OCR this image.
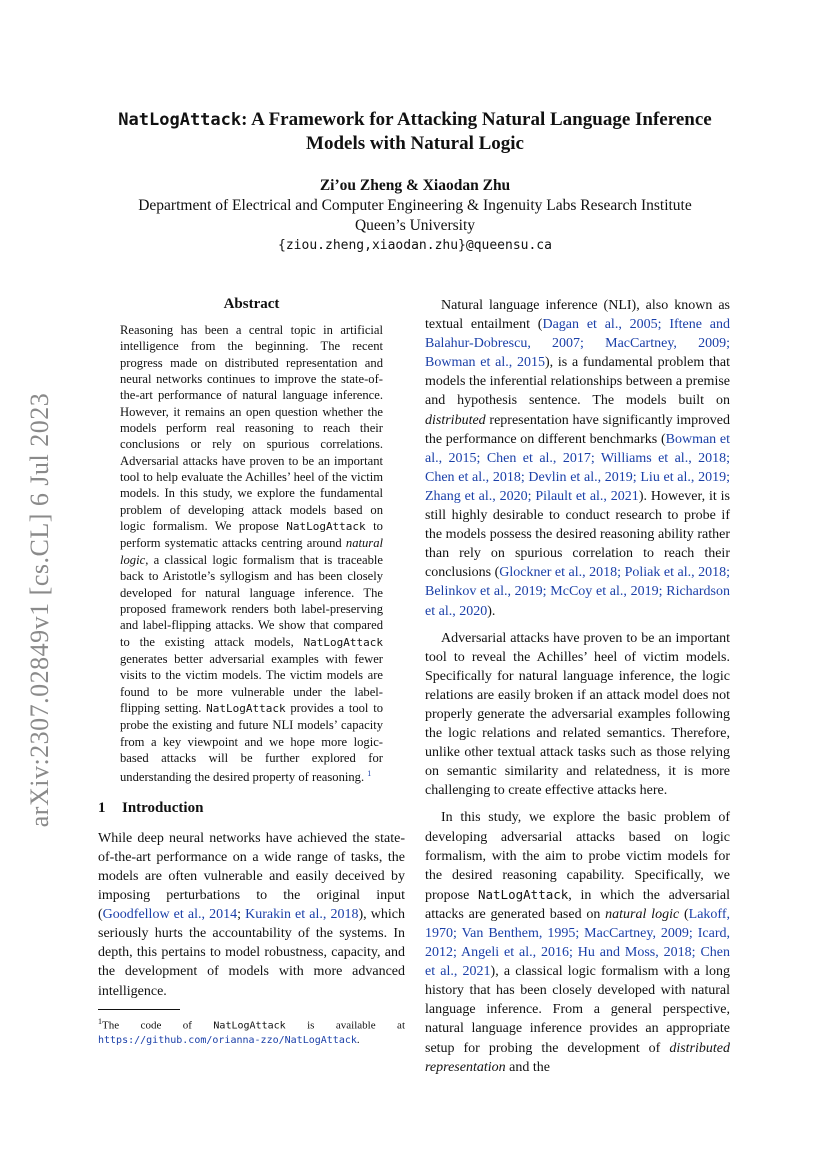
arXiv:2307.02849v1 [cs.CL] 6 Jul 2023
NatLogAttack: A Framework for Attacking Natural Language Inference
Models with Natural Logic
Zi’ou Zheng & Xiaodan Zhu
Department of Electrical and Computer Engineering & Ingenuity Labs Research Institute
Queen’s University
{ziou.zheng,xiaodan.zhu}@queensu.ca
Abstract
Reasoning has been a central topic in artificial intelligence from the beginning. The recent progress made on distributed representation and neural networks continues to improve the state-of-the-art performance of natural language inference. However, it remains an open question whether the models perform real reasoning to reach their conclusions or rely on spurious correlations. Adversarial attacks have proven to be an important tool to help evaluate the Achilles’ heel of the victim models. In this study, we explore the fundamental problem of developing attack models based on logic formalism. We propose NatLogAttack to perform systematic attacks centring around natural logic, a classical logic formalism that is traceable back to Aristotle’s syllogism and has been closely developed for natural language inference. The proposed framework renders both label-preserving and label-flipping attacks. We show that compared to the existing attack models, NatLogAttack generates better adversarial examples with fewer visits to the victim models. The victim models are found to be more vulnerable under the label-flipping setting. NatLogAttack provides a tool to probe the existing and future NLI models’ capacity from a key viewpoint and we hope more logic-based attacks will be further explored for understanding the desired property of reasoning. $^1$
1 Introduction

While deep neural networks have achieved the state-of-the-art performance on a wide range of tasks, the models are often vulnerable and easily deceived by imposing perturbations to the original input (Goodfellow et al., 2014; Kurakin et al., 2018), which seriously hurts the accountability of the systems. In depth, this pertains to model robustness, capacity, and the development of models with more advanced intelligence.

$^1$The code of NatLogAttack is available at https://github.com/orianna-zzo/NatLogAttack.

Natural language inference (NLI), also known as textual entailment (Dagan et al., 2005; Iftene and Balahur-Dobrescu, 2007; MacCartney, 2009; Bowman et al., 2015), is a fundamental problem that models the inferential relationships between a premise and hypothesis sentence. The models built on distributed representation have significantly improved the performance on different benchmarks (Bowman et al., 2015; Chen et al., 2017; Williams et al., 2018; Chen et al., 2018; Devlin et al., 2019; Liu et al., 2019; Zhang et al., 2020; Pilault et al., 2021). However, it is still highly desirable to conduct research to probe if the models possess the desired reasoning ability rather than rely on spurious correlation to reach their conclusions (Glockner et al., 2018; Poliak et al., 2018; Belinkov et al., 2019; McCoy et al., 2019; Richardson et al., 2020).

Adversarial attacks have proven to be an important tool to reveal the Achilles’ heel of victim models. Specifically for natural language inference, the logic relations are easily broken if an attack model does not properly generate the adversarial examples following the logic relations and related semantics. Therefore, unlike other textual attack tasks such as those relying on semantic similarity and relatedness, it is more challenging to create effective attacks here.

In this study, we explore the basic problem of developing adversarial attacks based on logic formalism, with the aim to probe victim models for the desired reasoning capability. Specifically, we propose NatLogAttack, in which the adversarial attacks are generated based on natural logic (Lakoff, 1970; Van Benthem, 1995; MacCartney, 2009; Icard, 2012; Angeli et al., 2016; Hu and Moss, 2018; Chen et al., 2021), a classical logic formalism with a long history that has been closely developed with natural language inference. From a general perspective, natural language inference provides an appropriate setup for probing the development of distributed representation and the
